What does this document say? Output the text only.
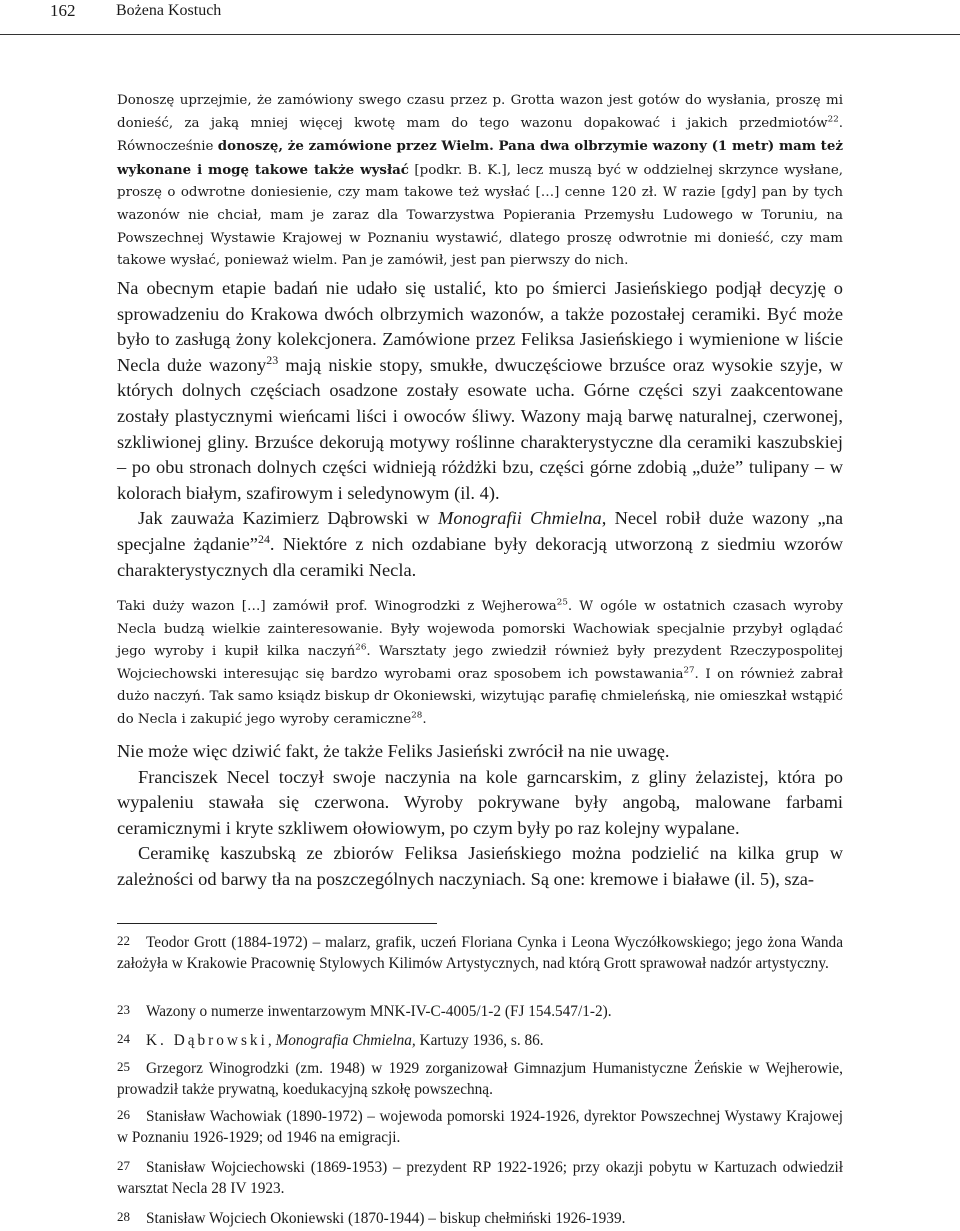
162	Bożena Kostuch

Donoszę uprzejmie, że zamówiony swego czasu przez p. Grotta wazon jest gotów do wysłania, proszę mi donieść, za jaką mniej więcej kwotę mam do tego wazonu dopakować i jakich przedmiotów$^{22}$. Równocześnie donoszę, że zamówione przez Wielm. Pana dwa olbrzymie wazony (1 metr) mam też wykonane i mogę takowe także wysłać [podkr. B. K.], lecz muszą być w oddzielnej skrzynce wysłane, proszę o odwrotne doniesienie, czy mam takowe też wysłać […] cenne 120 zł. W razie [gdy] pan by tych wazonów nie chciał, mam je zaraz dla Towarzystwa Popierania Przemysłu Ludowego w Toruniu, na Powszechnej Wystawie Krajowej w Poznaniu wystawić, dlatego proszę odwrotnie mi donieść, czy mam takowe wysłać, ponieważ wielm. Pan je zamówił, jest pan pierwszy do nich.

Na obecnym etapie badań nie udało się ustalić, kto po śmierci Jasieńskiego podjął decyzję o sprowadzeniu do Krakowa dwóch olbrzymich wazonów, a także pozostałej ceramiki. Być może było to zasługą żony kolekcjonera. Zamówione przez Feliksa Jasieńskiego i wymienione w liście Necla duże wazony$^{23}$ mają niskie stopy, smukłe, dwuczęściowe brzuśce oraz wysokie szyje, w których dolnych częściach osadzone zostały esowate ucha. Górne części szyi zaakcentowane zostały plastycznymi wieńcami liści i owoców śliwy. Wazony mają barwę naturalnej, czerwonej, szkliwionej gliny. Brzuśce dekorują motywy roślinne charakterystyczne dla ceramiki kaszubskiej – po obu stronach dolnych części widnieją różdżki bzu, części górne zdobią „duże” tulipany – w kolorach białym, szafirowym i seledynowym (il. 4).

Jak zauważa Kazimierz Dąbrowski w Monografii Chmielna, Necel robił duże wazony „na specjalne żądanie”$^{24}$. Niektóre z nich ozdabiane były dekoracją utworzoną z siedmiu wzorów charakterystycznych dla ceramiki Necla.

Taki duży wazon […] zamówił prof. Winogrodzki z Wejherowa$^{25}$. W ogóle w ostatnich czasach wyroby Necla budzą wielkie zainteresowanie. Były wojewoda pomorski Wachowiak specjalnie przybył oglądać jego wyroby i kupił kilka naczyń$^{26}$. Warsztaty jego zwiedził również były prezydent Rzeczypospolitej Wojciechowski interesując się bardzo wyrobami oraz sposobem ich powstawania$^{27}$. I on również zabrał dużo naczyń. Tak samo ksiądz biskup dr Okoniewski, wizytując parafię chmieleńską, nie omieszkał wstąpić do Necla i zakupić jego wyroby ceramiczne$^{28}$.

Nie może więc dziwić fakt, że także Feliks Jasieński zwrócił na nie uwagę.

Franciszek Necel toczył swoje naczynia na kole garncarskim, z gliny żelazistej, która po wypaleniu stawała się czerwona. Wyroby pokrywane były angobą, malowane farbami ceramicznymi i kryte szkliwem ołowiowym, po czym były po raz kolejny wypalane.

Ceramikę kaszubską ze zbiorów Feliksa Jasieńskiego można podzielić na kilka grup w zależności od barwy tła na poszczególnych naczyniach. Są one: kremowe i białawe (il. 5), sza-

22 Teodor Grott (1884-1972) – malarz, grafik, uczeń Floriana Cynka i Leona Wyczółkowskiego; jego żona Wanda założyła w Krakowie Pracownię Stylowych Kilimów Artystycznych, nad którą Grott sprawował nadzór artystyczny.
23 Wazony o numerze inwentarzowym MNK-IV-C-4005/1-2 (FJ 154.547/1-2).
24 K. Dąbrowski, Monografia Chmielna, Kartuzy 1936, s. 86.
25 Grzegorz Winogrodzki (zm. 1948) w 1929 zorganizował Gimnazjum Humanistyczne Żeńskie w Wejherowie, prowadził także prywatną, koedukacyjną szkołę powszechną.
26 Stanisław Wachowiak (1890-1972) – wojewoda pomorski 1924-1926, dyrektor Powszechnej Wystawy Krajowej w Poznaniu 1926-1929; od 1946 na emigracji.
27 Stanisław Wojciechowski (1869-1953) – prezydent RP 1922-1926; przy okazji pobytu w Kartuzach odwiedził warsztat Necla 28 IV 1923.
28 Stanisław Wojciech Okoniewski (1870-1944) – biskup chełmiński 1926-1939.
